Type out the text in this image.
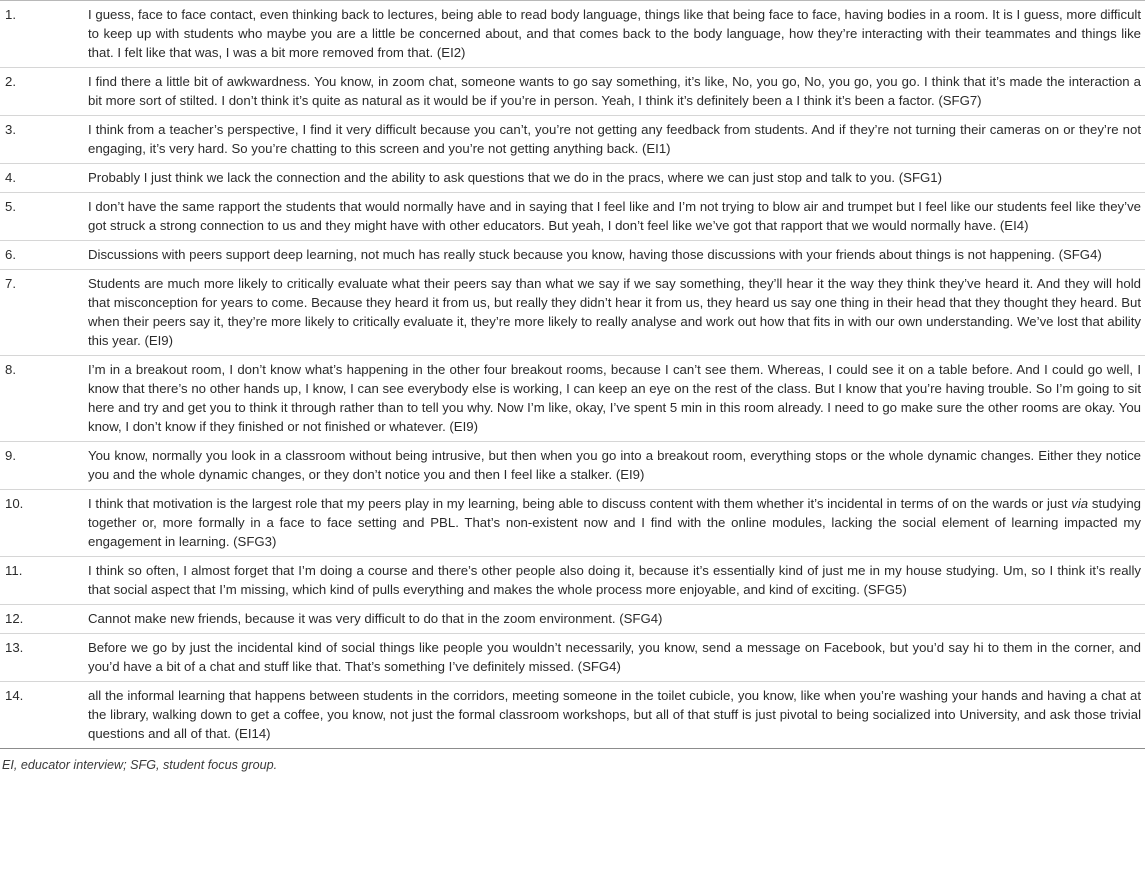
1.	I guess, face to face contact, even thinking back to lectures, being able to read body language, things like that being face to face, having bodies in a room. It is I guess, more difficult to keep up with students who maybe you are a little be concerned about, and that comes back to the body language, how they’re interacting with their teammates and things like that. I felt like that was, I was a bit more removed from that. (EI2)
2.	I find there a little bit of awkwardness. You know, in zoom chat, someone wants to go say something, it’s like, No, you go, No, you go, you go. I think that it’s made the interaction a bit more sort of stilted. I don’t think it’s quite as natural as it would be if you’re in person. Yeah, I think it’s definitely been a I think it’s been a factor. (SFG7)
3.	I think from a teacher’s perspective, I find it very difficult because you can’t, you’re not getting any feedback from students. And if they’re not turning their cameras on or they’re not engaging, it’s very hard. So you’re chatting to this screen and you’re not getting anything back. (EI1)
4.	Probably I just think we lack the connection and the ability to ask questions that we do in the pracs, where we can just stop and talk to you. (SFG1)
5.	I don’t have the same rapport the students that would normally have and in saying that I feel like and I’m not trying to blow air and trumpet but I feel like our students feel like they’ve got struck a strong connection to us and they might have with other educators. But yeah, I don’t feel like we’ve got that rapport that we would normally have. (EI4)
6.	Discussions with peers support deep learning, not much has really stuck because you know, having those discussions with your friends about things is not happening. (SFG4)
7.	Students are much more likely to critically evaluate what their peers say than what we say if we say something, they’ll hear it the way they think they’ve heard it. And they will hold that misconception for years to come. Because they heard it from us, but really they didn’t hear it from us, they heard us say one thing in their head that they thought they heard. But when their peers say it, they’re more likely to critically evaluate it, they’re more likely to really analyse and work out how that fits in with our own understanding. We’ve lost that ability this year. (EI9)
8.	I’m in a breakout room, I don’t know what’s happening in the other four breakout rooms, because I can’t see them. Whereas, I could see it on a table before. And I could go well, I know that there’s no other hands up, I know, I can see everybody else is working, I can keep an eye on the rest of the class. But I know that you’re having trouble. So I’m going to sit here and try and get you to think it through rather than to tell you why. Now I’m like, okay, I’ve spent 5 min in this room already. I need to go make sure the other rooms are okay. You know, I don’t know if they finished or not finished or whatever. (EI9)
9.	You know, normally you look in a classroom without being intrusive, but then when you go into a breakout room, everything stops or the whole dynamic changes. Either they notice you and the whole dynamic changes, or they don’t notice you and then I feel like a stalker. (EI9)
10.	I think that motivation is the largest role that my peers play in my learning, being able to discuss content with them whether it’s incidental in terms of on the wards or just via studying together or, more formally in a face to face setting and PBL. That’s non-existent now and I find with the online modules, lacking the social element of learning impacted my engagement in learning. (SFG3)
11.	I think so often, I almost forget that I’m doing a course and there’s other people also doing it, because it’s essentially kind of just me in my house studying. Um, so I think it’s really that social aspect that I’m missing, which kind of pulls everything and makes the whole process more enjoyable, and kind of exciting. (SFG5)
12.	Cannot make new friends, because it was very difficult to do that in the zoom environment. (SFG4)
13.	Before we go by just the incidental kind of social things like people you wouldn’t necessarily, you know, send a message on Facebook, but you’d say hi to them in the corner, and you’d have a bit of a chat and stuff like that. That’s something I’ve definitely missed. (SFG4)
14.	all the informal learning that happens between students in the corridors, meeting someone in the toilet cubicle, you know, like when you’re washing your hands and having a chat at the library, walking down to get a coffee, you know, not just the formal classroom workshops, but all of that stuff is just pivotal to being socialized into University, and ask those trivial questions and all of that. (EI14)
EI, educator interview; SFG, student focus group.
